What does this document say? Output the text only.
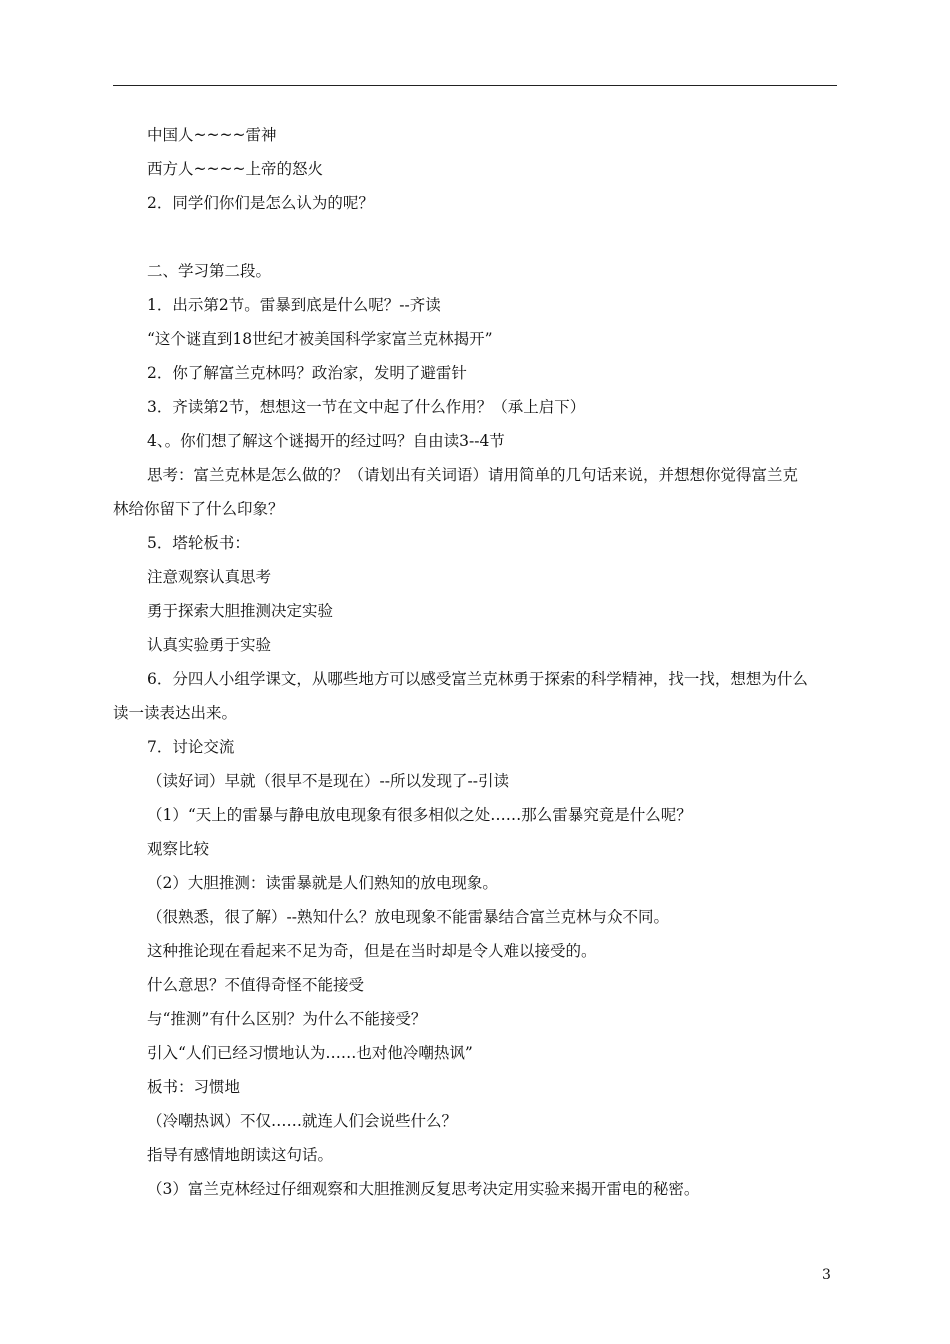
中国人~~~~雷神
西方人~~~~上帝的怒火
2．同学们你们是怎么认为的呢？
二、学习第二段。
1．出示第2节。雷暴到底是什么呢？--齐读
“这个谜直到18世纪才被美国科学家富兰克林揭开”
2．你了解富兰克林吗？政治家，发明了避雷针
3．齐读第2节，想想这一节在文中起了什么作用？（承上启下）
4、。你们想了解这个谜揭开的经过吗？自由读3--4节
思考：富兰克林是怎么做的？（请划出有关词语）请用简单的几句话来说，并想想你觉得富兰克
林给你留下了什么印象？
5．塔轮板书：
注意观察认真思考
勇于探索大胆推测决定实验
认真实验勇于实验
6．分四人小组学课文，从哪些地方可以感受富兰克林勇于探索的科学精神，找一找，想想为什么
读一读表达出来。
7．讨论交流
（读好词）早就（很早不是现在）--所以发现了--引读
（1）“天上的雷暴与静电放电现象有很多相似之处……那么雷暴究竟是什么呢？
观察比较
（2）大胆推测：读雷暴就是人们熟知的放电现象。
（很熟悉，很了解）--熟知什么？放电现象不能雷暴结合富兰克林与众不同。
这种推论现在看起来不足为奇，但是在当时却是令人难以接受的。
什么意思？不值得奇怪不能接受
与“推测”有什么区别？为什么不能接受？
引入“人们已经习惯地认为……也对他冷嘲热讽”
板书：习惯地
（冷嘲热讽）不仅……就连人们会说些什么？
指导有感情地朗读这句话。
（3）富兰克林经过仔细观察和大胆推测反复思考决定用实验来揭开雷电的秘密。
3
